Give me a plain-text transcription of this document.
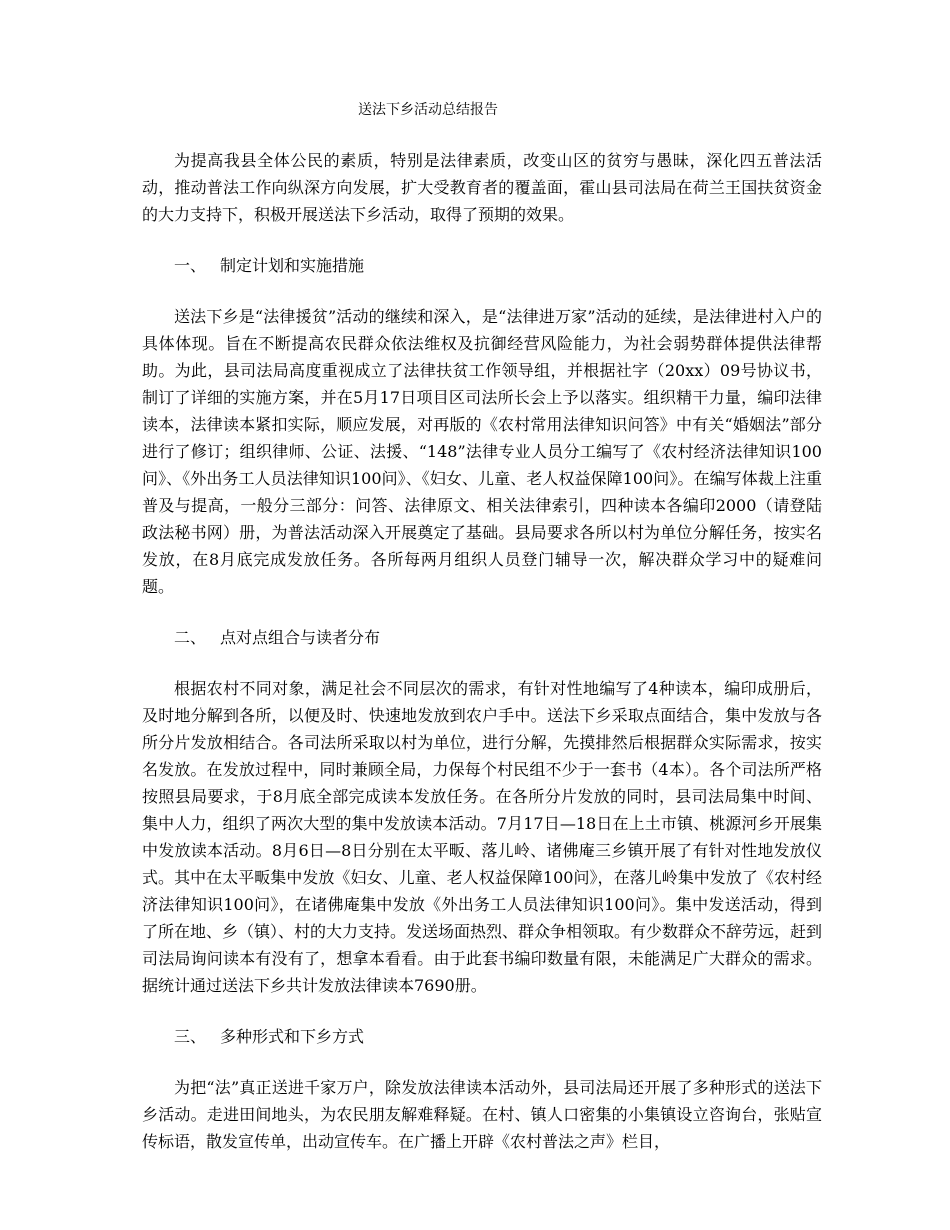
送法下乡活动总结报告

为提高我县全体公民的素质，特别是法律素质，改变山区的贫穷与愚昧，深化四五普法活动，推动普法工作向纵深方向发展，扩大受教育者的覆盖面，霍山县司法局在荷兰王国扶贫资金的大力支持下，积极开展送法下乡活动，取得了预期的效果。

一、 制定计划和实施措施

送法下乡是“法律援贫”活动的继续和深入，是“法律进万家”活动的延续，是法律进村入户的具体体现。旨在不断提高农民群众依法维权及抗御经营风险能力，为社会弱势群体提供法律帮助。为此，县司法局高度重视成立了法律扶贫工作领导组，并根据社字（20xx）09号协议书，制订了详细的实施方案，并在5月17日项目区司法所长会上予以落实。组织精干力量，编印法律读本，法律读本紧扣实际，顺应发展，对再版的《农村常用法律知识问答》中有关“婚姻法”部分进行了修订；组织律师、公证、法援、“148”法律专业人员分工编写了《农村经济法律知识100问》、《外出务工人员法律知识100问》、《妇女、儿童、老人权益保障100问》。在编写体裁上注重普及与提高，一般分三部分：问答、法律原文、相关法律索引，四种读本各编印2000（请登陆政法秘书网）册，为普法活动深入开展奠定了基础。县局要求各所以村为单位分解任务，按实名发放，在8月底完成发放任务。各所每两月组织人员登门辅导一次，解决群众学习中的疑难问题。

二、 点对点组合与读者分布

根据农村不同对象，满足社会不同层次的需求，有针对性地编写了4种读本，编印成册后，及时地分解到各所，以便及时、快速地发放到农户手中。送法下乡采取点面结合，集中发放与各所分片发放相结合。各司法所采取以村为单位，进行分解，先摸排然后根据群众实际需求，按实名发放。在发放过程中，同时兼顾全局，力保每个村民组不少于一套书（4本）。各个司法所严格按照县局要求，于8月底全部完成读本发放任务。在各所分片发放的同时，县司法局集中时间、集中人力，组织了两次大型的集中发放读本活动。7月17日—18日在上土市镇、桃源河乡开展集中发放读本活动。8月6日—8日分别在太平畈、落儿岭、诸佛庵三乡镇开展了有针对性地发放仪式。其中在太平畈集中发放《妇女、儿童、老人权益保障100问》，在落儿岭集中发放了《农村经济法律知识100问》，在诸佛庵集中发放《外出务工人员法律知识100问》。集中发送活动，得到了所在地、乡（镇）、村的大力支持。发送场面热烈、群众争相领取。有少数群众不辞劳远，赶到司法局询问读本有没有了，想拿本看看。由于此套书编印数量有限，未能满足广大群众的需求。据统计通过送法下乡共计发放法律读本7690册。

三、 多种形式和下乡方式

为把“法”真正送进千家万户，除发放法律读本活动外，县司法局还开展了多种形式的送法下乡活动。走进田间地头，为农民朋友解难释疑。在村、镇人口密集的小集镇设立咨询台，张贴宣传标语，散发宣传单，出动宣传车。在广播上开辟《农村普法之声》栏目，
